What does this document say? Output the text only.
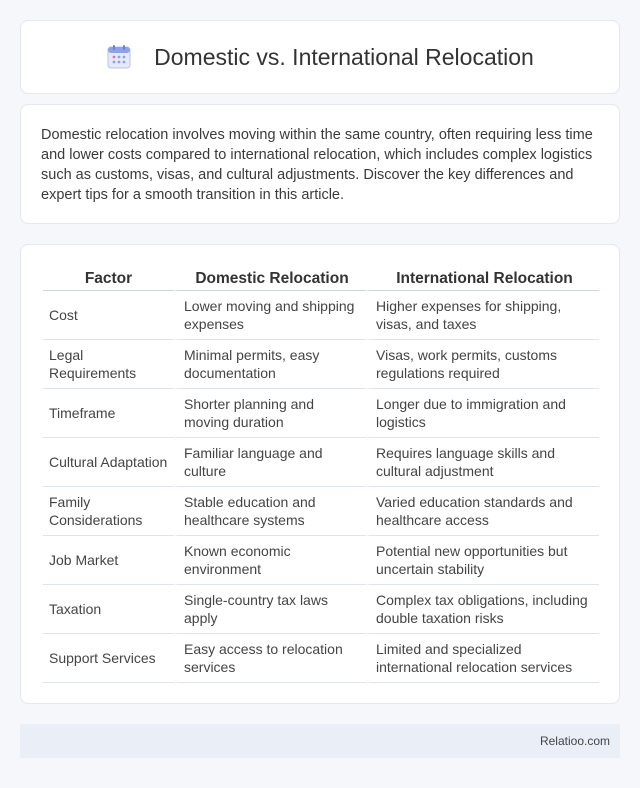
Domestic vs. International Relocation

Domestic relocation involves moving within the same country, often requiring less time and lower costs compared to international relocation, which includes complex logistics such as customs, visas, and cultural adjustments. Discover the key differences and expert tips for a smooth transition in this article.

Factor	Domestic Relocation	International Relocation
Cost	Lower moving and shipping expenses	Higher expenses for shipping, visas, and taxes
Legal Requirements	Minimal permits, easy documentation	Visas, work permits, customs regulations required
Timeframe	Shorter planning and moving duration	Longer due to immigration and logistics
Cultural Adaptation	Familiar language and culture	Requires language skills and cultural adjustment
Family Considerations	Stable education and healthcare systems	Varied education standards and healthcare access
Job Market	Known economic environment	Potential new opportunities but uncertain stability
Taxation	Single-country tax laws apply	Complex tax obligations, including double taxation risks
Support Services	Easy access to relocation services	Limited and specialized international relocation services
Relatioo.com
